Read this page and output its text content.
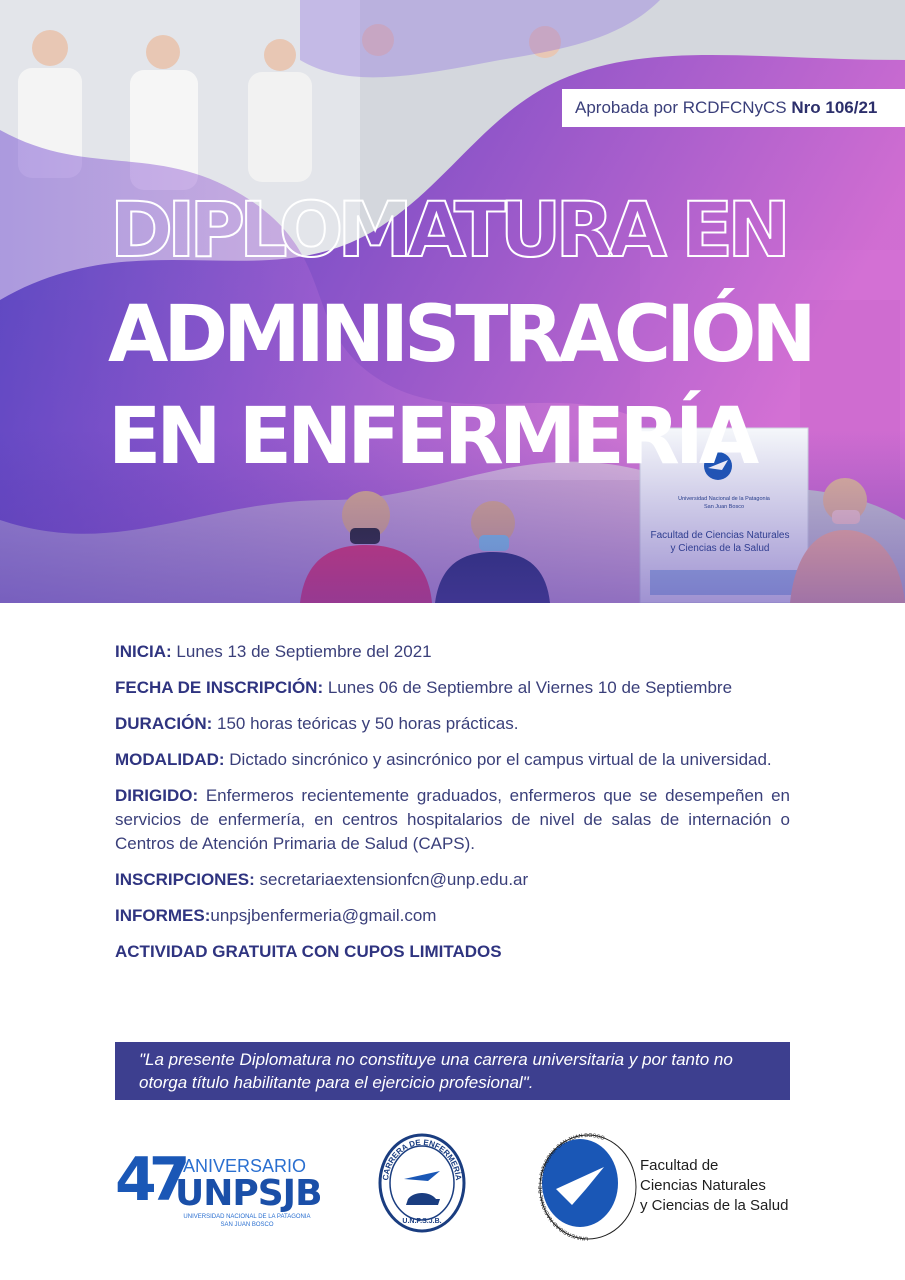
Aprobada por RCDFCNyCS Nro 106/21
DIPLOMATURA EN
ADMINISTRACIÓN
EN ENFERMERÍA
INICIA: Lunes 13 de Septiembre del 2021
FECHA DE INSCRIPCIÓN: Lunes 06 de Septiembre al Viernes 10 de Septiembre
DURACIÓN: 150 horas teóricas y 50 horas prácticas.
MODALIDAD: Dictado sincrónico y asincrónico por el campus virtual de la universidad.
DIRIGIDO: Enfermeros recientemente graduados, enfermeros que se desempeñen en servicios de enfermería, en centros hospitalarios de nivel de salas de internación o Centros de Atención Primaria de Salud (CAPS).
INSCRIPCIONES: secretariaextensionfcn@unp.edu.ar
INFORMES:unpsjbenfermeria@gmail.com
ACTIVIDAD GRATUITA CON CUPOS LIMITADOS
"La presente Diplomatura no constituye una carrera universitaria y por tanto no otorga título habilitante para el ejercicio profesional".
47 ANIVERSARIO
UNPSJB
UNIVERSIDAD NACIONAL DE LA PATAGONIA
SAN JUAN BOSCO
CARRERA DE ENFERMERÍA
U.N.P.S.J.B.
UNIVERSIDAD NACIONAL DE LA PATAGONIA SAN JUAN BOSCO
Facultad de
Ciencias Naturales
y Ciencias de la Salud
